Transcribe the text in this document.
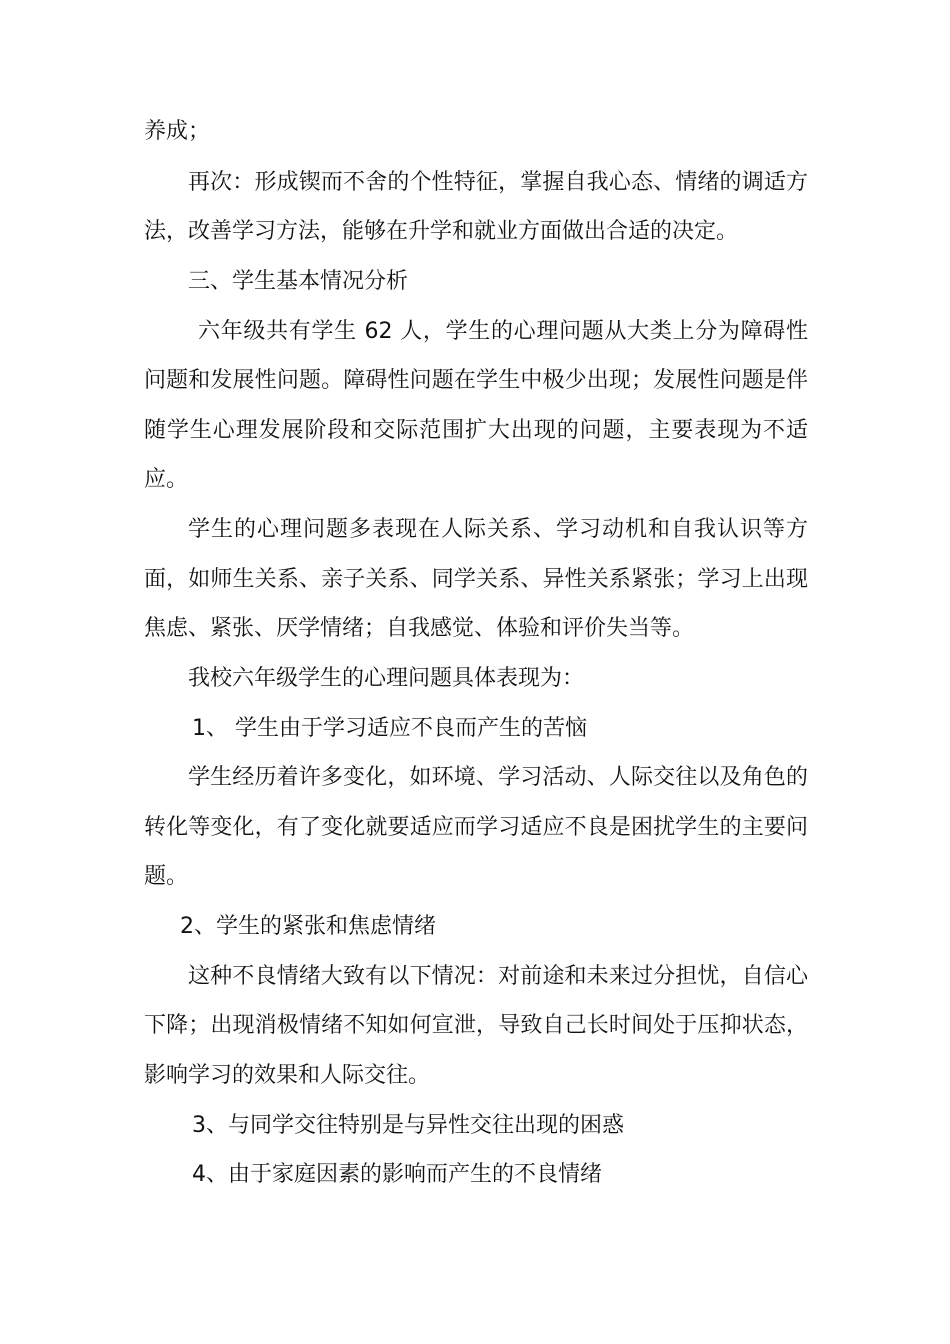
养成；
再次：形成锲而不舍的个性特征，掌握自我心态、情绪的调适方
法，改善学习方法，能够在升学和就业方面做出合适的决定。
三、学生基本情况分析
六年级共有学生 62 人，学生的心理问题从大类上分为障碍性
问题和发展性问题。障碍性问题在学生中极少出现；发展性问题是伴
随学生心理发展阶段和交际范围扩大出现的问题，主要表现为不适
应。
学生的心理问题多表现在人际关系、学习动机和自我认识等方
面，如师生关系、亲子关系、同学关系、异性关系紧张；学习上出现
焦虑、紧张、厌学情绪；自我感觉、体验和评价失当等。
我校六年级学生的心理问题具体表现为：
1、 学生由于学习适应不良而产生的苦恼
学生经历着许多变化，如环境、学习活动、人际交往以及角色的
转化等变化，有了变化就要适应而学习适应不良是困扰学生的主要问
题。
2、学生的紧张和焦虑情绪
这种不良情绪大致有以下情况：对前途和未来过分担忧，自信心
下降；出现消极情绪不知如何宣泄，导致自己长时间处于压抑状态，
影响学习的效果和人际交往。
3、与同学交往特别是与异性交往出现的困惑
4、由于家庭因素的影响而产生的不良情绪
